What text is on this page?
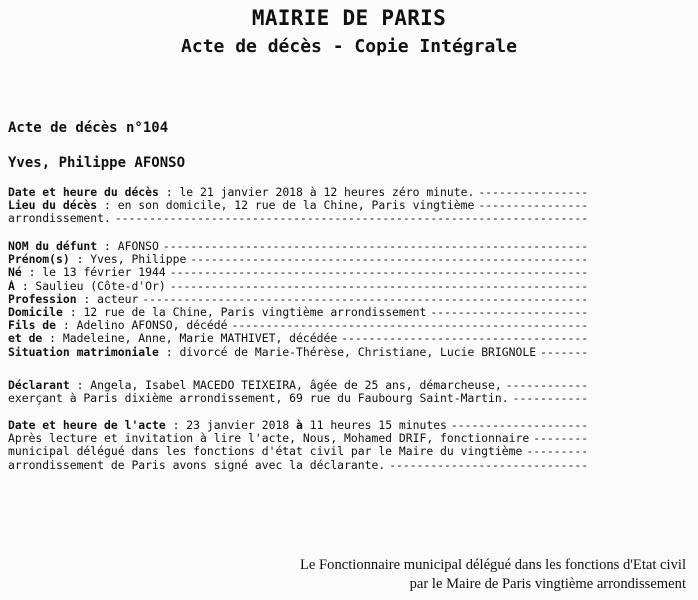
MAIRIE DE PARIS
Acte de décès - Copie Intégrale
Acte de décès n°104
Yves, Philippe AFONSO
Date et heure du décès : le 21 janvier 2018 à 12 heures zéro minute.
-----
Lieu du décès : en son domicile, 12 rue de la Chine, Paris vingtième
-----
arrondissement.
-----
NOM du défunt : AFONSO
-----
Prénom(s) : Yves, Philippe
-----
Né : le 13 février 1944
-----
À : Saulieu (Côte-d'Or)
-----
Profession : acteur
-----
Domicile : 12 rue de la Chine, Paris vingtième arrondissement
-----
Fils de : Adelino AFONSO, décédé
-----
et de : Madeleine, Anne, Marie MATHIVET, décédée
-----
Situation matrimoniale : divorcé de Marie-Thérèse, Christiane, Lucie BRIGNOLE
-----
Déclarant : Angela, Isabel MACEDO TEIXEIRA, âgée de 25 ans, démarcheuse,
-----
exerçant à Paris dixième arrondissement, 69 rue du Faubourg Saint-Martin.
-----
Date et heure de l'acte : 23 janvier 2018 à 11 heures 15 minutes
-----
Après lecture et invitation à lire l'acte, Nous, Mohamed DRIF, fonctionnaire
-----
municipal délégué dans les fonctions d'état civil par le Maire du vingtième
-----
arrondissement de Paris avons signé avec la déclarante.
-----
Le Fonctionnaire municipal délégué dans les fonctions d'Etat civil
par le Maire de Paris vingtième arrondissement
